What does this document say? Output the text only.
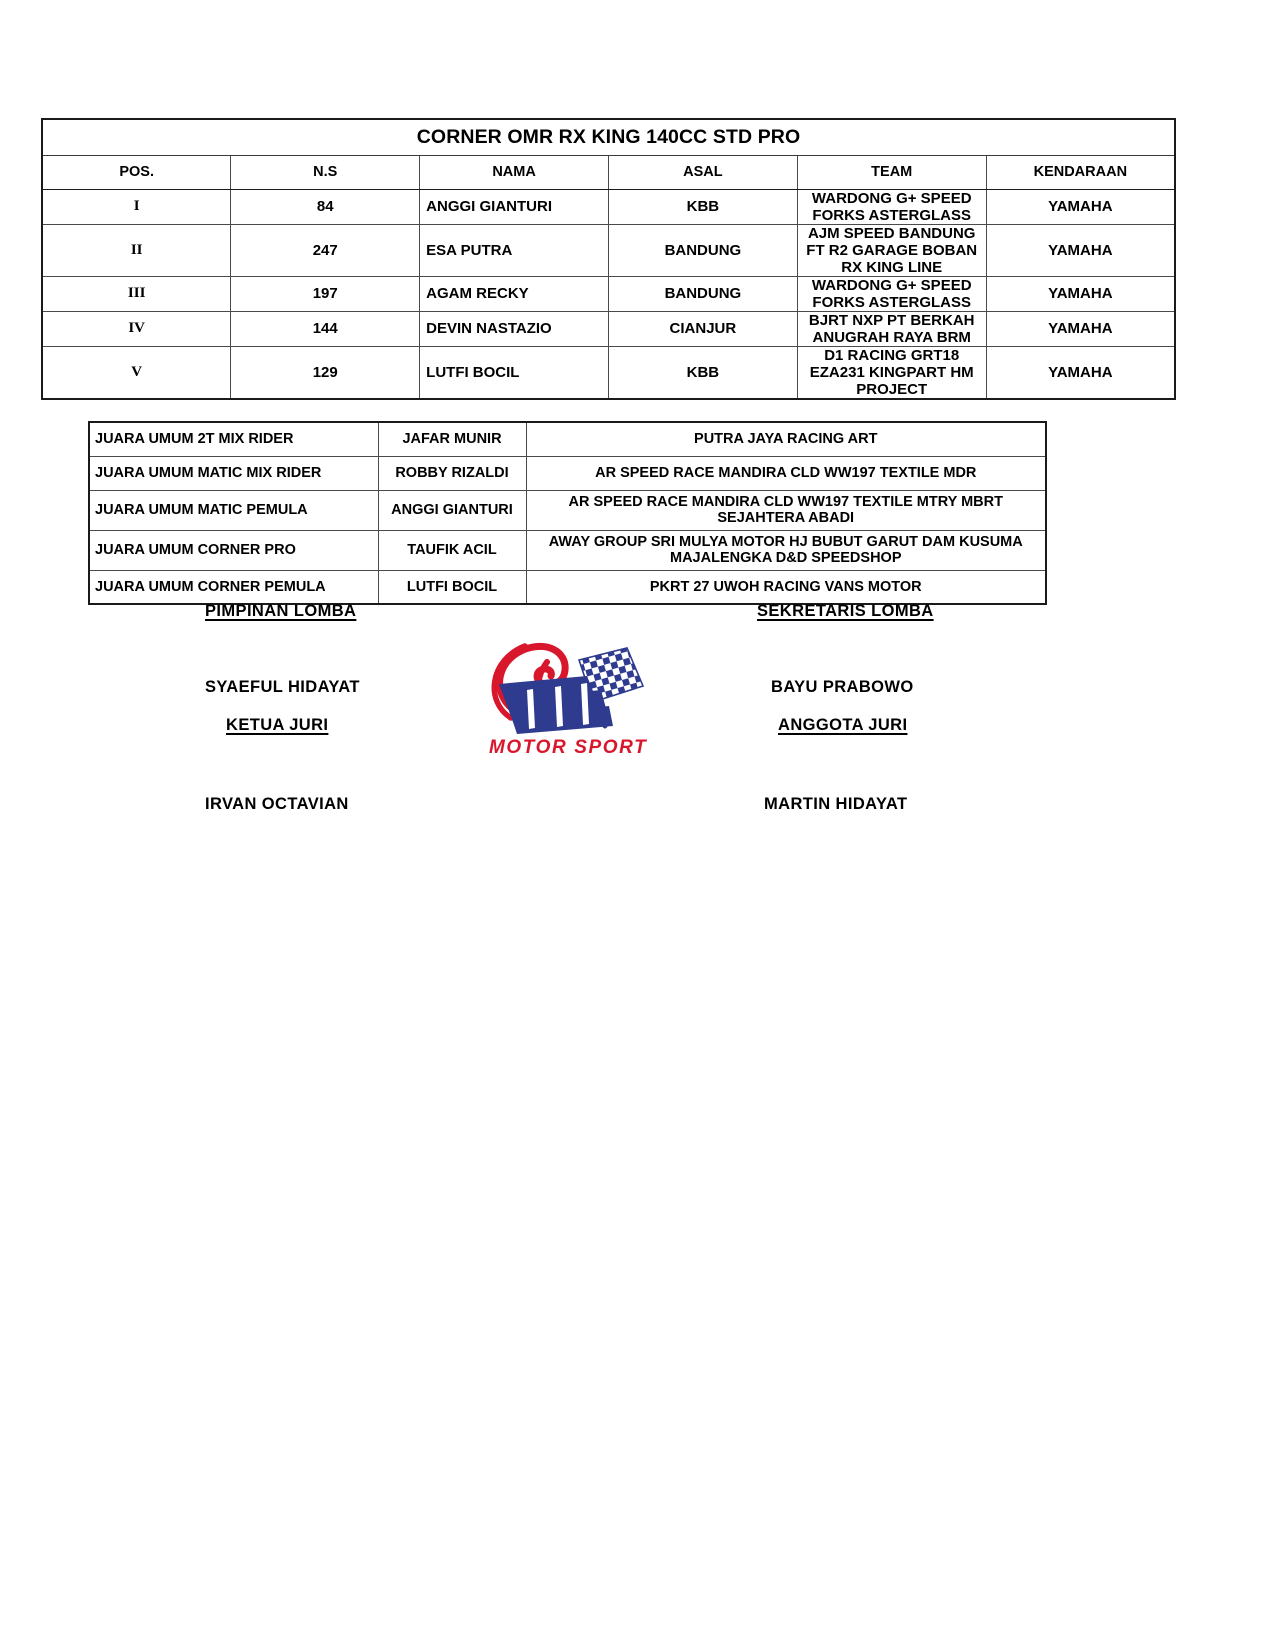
CORNER OMR RX KING 140CC STD PRO					
POS.	N.S	NAMA	ASAL	TEAM	KENDARAAN
I	84	ANGGI GIANTURI	KBB	WARDONG G+ SPEED FORKS ASTERGLASS	YAMAHA
II	247	ESA PUTRA	BANDUNG	AJM SPEED BANDUNG FT R2 GARAGE BOBAN RX KING LINE	YAMAHA
III	197	AGAM RECKY	BANDUNG	WARDONG G+ SPEED FORKS ASTERGLASS	YAMAHA
IV	144	DEVIN NASTAZIO	CIANJUR	BJRT NXP PT BERKAH ANUGRAH RAYA BRM	YAMAHA
V	129	LUTFI BOCIL	KBB	D1 RACING GRT18 EZA231 KINGPART HM PROJECT	YAMAHA
JUARA UMUM 2T MIX RIDER	JAFAR MUNIR	PUTRA JAYA RACING ART
JUARA UMUM MATIC MIX RIDER	ROBBY RIZALDI	AR SPEED RACE MANDIRA CLD WW197 TEXTILE MDR
JUARA UMUM MATIC PEMULA	ANGGI GIANTURI	AR SPEED RACE MANDIRA CLD WW197 TEXTILE MTRY MBRT SEJAHTERA ABADI
JUARA UMUM CORNER PRO	TAUFIK ACIL	AWAY GROUP SRI MULYA MOTOR HJ BUBUT GARUT DAM KUSUMA MAJALENGKA D&D SPEEDSHOP
JUARA UMUM CORNER PEMULA	LUTFI BOCIL	PKRT 27 UWOH RACING VANS MOTOR
PIMPINAN LOMBA	SEKRETARIS LOMBA
SYAEFUL HIDAYAT	BAYU PRABOWO
KETUA JURI	ANGGOTA JURI
IRVAN OCTAVIAN	MARTIN HIDAYAT
MOTOR SPORT
